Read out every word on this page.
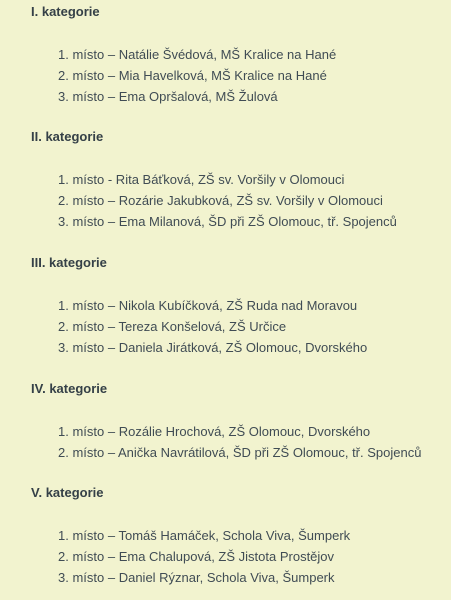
I. kategorie
1. místo – Natálie Švédová, MŠ Kralice na Hané
2. místo – Mia Havelková, MŠ Kralice na Hané
3. místo – Ema Opršalová, MŠ Žulová
II. kategorie
1. místo - Rita Báťková, ZŠ sv. Voršily v Olomouci
2. místo – Rozárie Jakubková, ZŠ sv. Voršily v Olomouci
3. místo – Ema Milanová, ŠD při ZŠ Olomouc, tř. Spojenců
III. kategorie
1. místo – Nikola Kubíčková, ZŠ Ruda nad Moravou
2. místo – Tereza Konšelová, ZŠ Určice
3. místo – Daniela Jirátková, ZŠ Olomouc, Dvorského
IV. kategorie
1. místo – Rozálie Hrochová, ZŠ Olomouc, Dvorského
2. místo – Anička Navrátilová, ŠD při ZŠ Olomouc, tř. Spojenců
V. kategorie
1. místo – Tomáš Hamáček, Schola Viva, Šumperk
2. místo – Ema Chalupová, ZŠ Jistota Prostějov
3. místo – Daniel Rýznar, Schola Viva, Šumperk
